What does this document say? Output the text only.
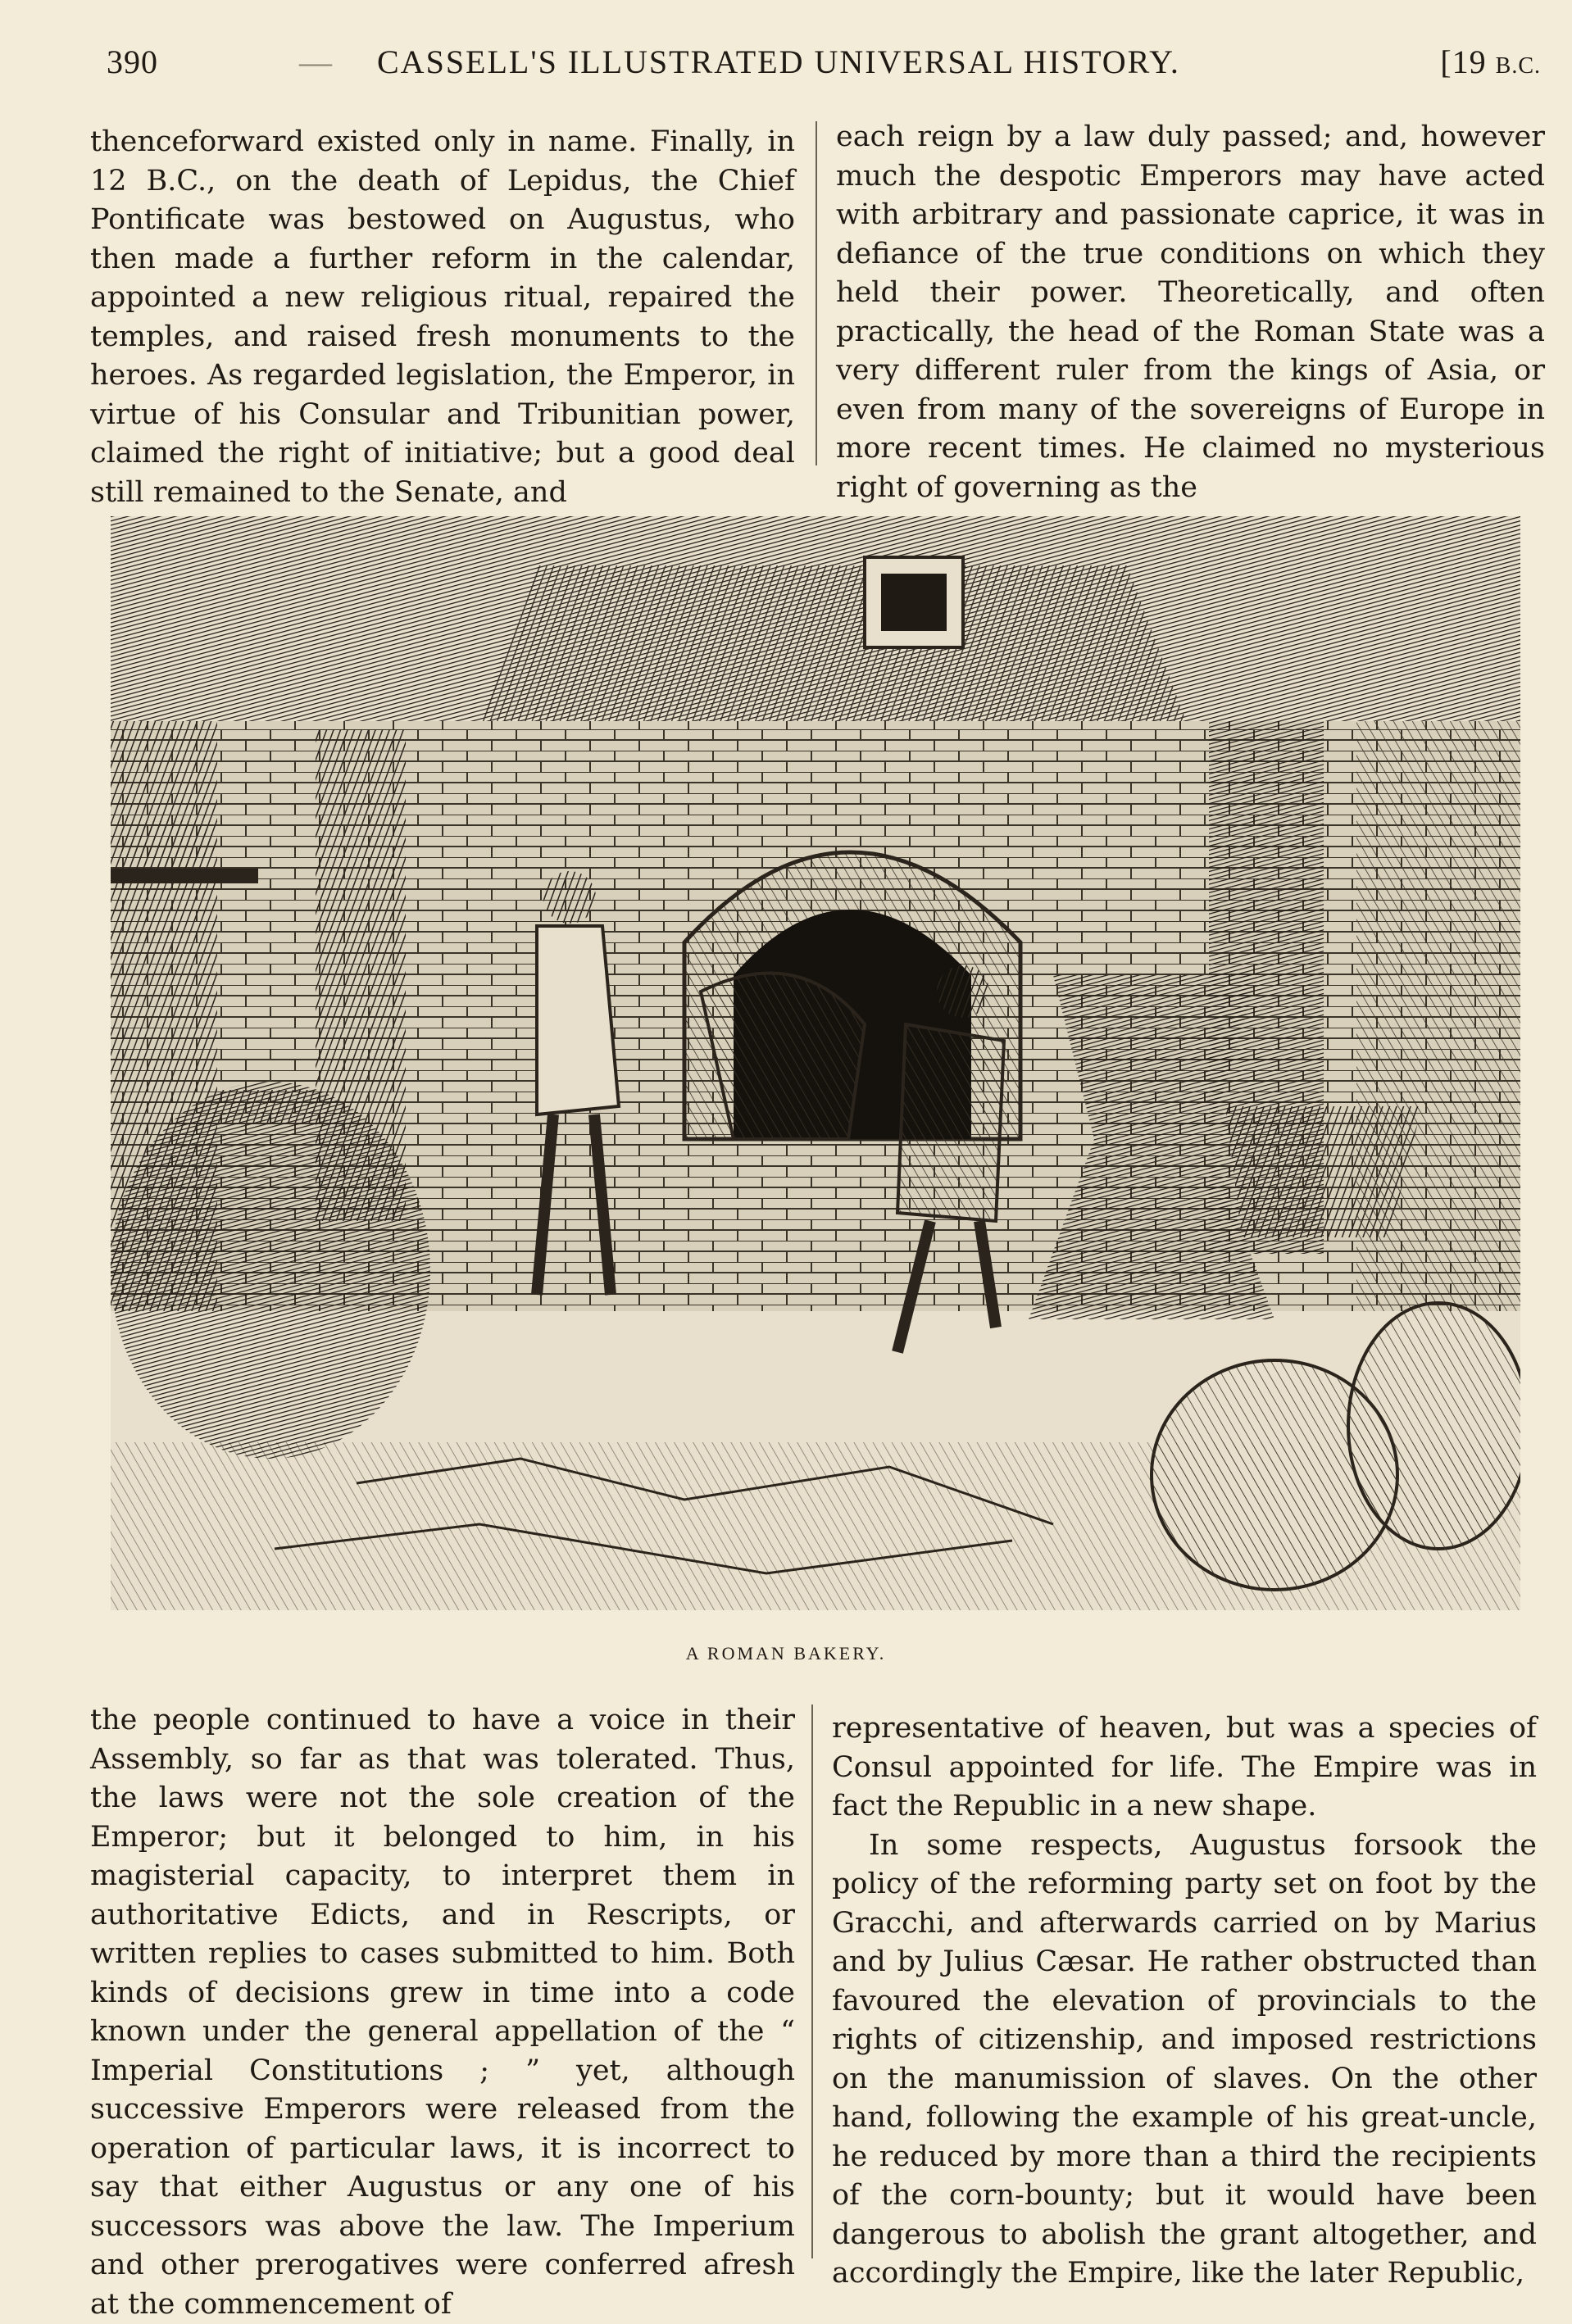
390	— CASSELL'S ILLUSTRATED UNIVERSAL HISTORY.	[19 B.C.

thenceforward existed only in name. Finally, in 12 B.C., on the death of Lepidus, the Chief Pontificate was bestowed on Augustus, who then made a further reform in the calendar, appointed a new religious ritual, repaired the temples, and raised fresh monuments to the heroes. As regarded legislation, the Emperor, in virtue of his Consular and Tribunitian power, claimed the right of initiative; but a good deal still remained to the Senate, and

each reign by a law duly passed; and, however much the despotic Emperors may have acted with arbitrary and passionate caprice, it was in defiance of the true conditions on which they held their power. Theoretically, and often practically, the head of the Roman State was a very different ruler from the kings of Asia, or even from many of the sovereigns of Europe in more recent times. He claimed no mysterious right of governing as the

A ROMAN BAKERY.

the people continued to have a voice in their Assembly, so far as that was tolerated. Thus, the laws were not the sole creation of the Emperor; but it belonged to him, in his magisterial capacity, to interpret them in authoritative Edicts, and in Rescripts, or written replies to cases submitted to him. Both kinds of decisions grew in time into a code known under the general appellation of the “ Imperial Constitutions ; ” yet, although successive Emperors were released from the operation of particular laws, it is incorrect to say that either Augustus or any one of his successors was above the law. The Imperium and other prerogatives were conferred afresh at the commencement of

representative of heaven, but was a species of Consul appointed for life. The Empire was in fact the Republic in a new shape.

In some respects, Augustus forsook the policy of the reforming party set on foot by the Gracchi, and afterwards carried on by Marius and by Julius Cæsar. He rather obstructed than favoured the elevation of provincials to the rights of citizenship, and imposed restrictions on the manumission of slaves. On the other hand, following the example of his great-uncle, he reduced by more than a third the recipients of the corn-bounty; but it would have been dangerous to abolish the grant altogether, and accordingly the Empire, like the later Republic,
